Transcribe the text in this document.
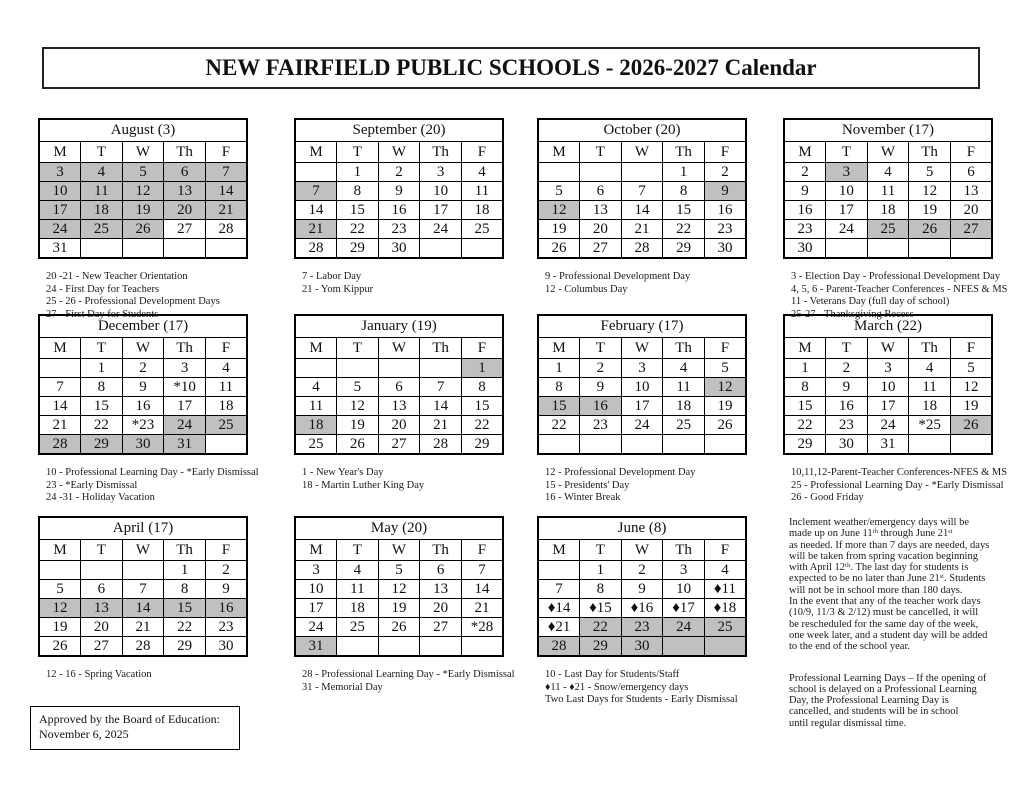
NEW FAIRFIELD PUBLIC SCHOOLS - 2026-2027 Calendar
August (3)				
M	T	W	Th	F
3	4	5	6	7
10	11	12	13	14
17	18	19	20	21
24	25	26	27	28
31				
20 -21 - New Teacher Orientation
24 - First Day for Teachers
25 - 26 - Professional Development Days
27 - First Day for Students
September (20)				
M	T	W	Th	F
	1	2	3	4
7	8	9	10	11
14	15	16	17	18
21	22	23	24	25
28	29	30		
7 - Labor Day
21 - Yom Kippur
October (20)				
M	T	W	Th	F
			1	2
5	6	7	8	9
12	13	14	15	16
19	20	21	22	23
26	27	28	29	30
9 - Professional Development Day
12 - Columbus Day
November (17)				
M	T	W	Th	F
2	3	4	5	6
9	10	11	12	13
16	17	18	19	20
23	24	25	26	27
30				
3 - Election Day - Professional Development Day
4, 5, 6 - Parent-Teacher Conferences - NFES & MS
11 - Veterans Day (full day of school)
25-27 - Thanksgiving Recess
December (17)				
M	T	W	Th	F
	1	2	3	4
7	8	9	*10	11
14	15	16	17	18
21	22	*23	24	25
28	29	30	31	
10 - Professional Learning Day - *Early Dismissal
23 - *Early Dismissal
24 -31 - Holiday Vacation
January (19)				
M	T	W	Th	F
				1
4	5	6	7	8
11	12	13	14	15
18	19	20	21	22
25	26	27	28	29
1 - New Year's Day
18 - Martin Luther King Day
February (17)				
M	T	W	Th	F
1	2	3	4	5
8	9	10	11	12
15	16	17	18	19
22	23	24	25	26

12 - Professional Development Day
15 - Presidents' Day
16 - Winter Break
March (22)				
M	T	W	Th	F
1	2	3	4	5
8	9	10	11	12
15	16	17	18	19
22	23	24	*25	26
29	30	31		
10,11,12-Parent-Teacher Conferences-NFES & MS
25 - Professional Learning Day - *Early Dismissal
26 - Good Friday
April (17)				
M	T	W	Th	F
			1	2
5	6	7	8	9
12	13	14	15	16
19	20	21	22	23
26	27	28	29	30
12 - 16 - Spring Vacation
May (20)				
M	T	W	Th	F
3	4	5	6	7
10	11	12	13	14
17	18	19	20	21
24	25	26	27	*28
31				
28 - Professional Learning Day - *Early Dismissal
31 - Memorial Day
June (8)				
M	T	W	Th	F
	1	2	3	4
7	8	9	10	♦11
♦14	♦15	♦16	♦17	♦18
♦21	22	23	24	25
28	29	30		
10 - Last Day for Students/Staff
♦11 - ♦21 - Snow/emergency days
Two Last Days for Students - Early Dismissal
Inclement weather/emergency days will be
made up on June 11ᵗʰ through June 21ˢᵗ
as needed. If more than 7 days are needed, days
will be taken from spring vacation beginning
with April 12ᵗʰ. The last day for students is
expected to be no later than June 21ˢᵗ. Students
will not be in school more than 180 days.
In the event that any of the teacher work days
(10/9, 11/3 & 2/12) must be cancelled, it will
be rescheduled for the same day of the week,
one week later, and a student day will be added
to the end of the school year.
Professional Learning Days – If the opening of
school is delayed on a Professional Learning
Day, the Professional Learning Day is
cancelled, and students will be in school
until regular dismissal time.
Approved by the Board of Education:
November 6, 2025
